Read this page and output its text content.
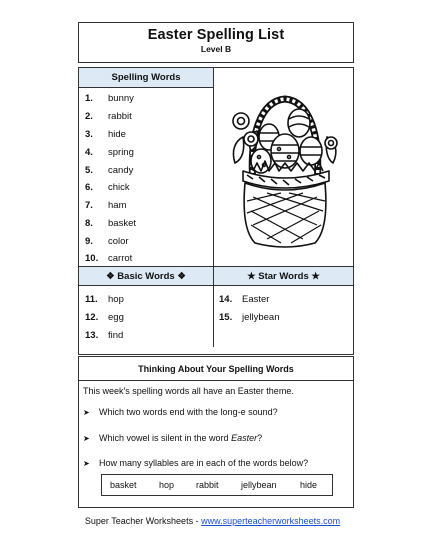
Easter Spelling List
Level B
Spelling Words
1. bunny
2. rabbit
3. hide
4. spring
5. candy
6. chick
7. ham
8. basket
9. color
10. carrot
❖ Basic Words ❖	★ Star Words ★
11. hop
12. egg
13. find
14. Easter
15. jellybean
Thinking About Your Spelling Words
This week's spelling words all have an Easter theme.
➤ Which two words end with the long-e sound?
➤ Which vowel is silent in the word Easter?
➤ How many syllables are in each of the words below?
basket hop rabbit jellybean	hide
Super Teacher Worksheets - www.superteacherworksheets.com
